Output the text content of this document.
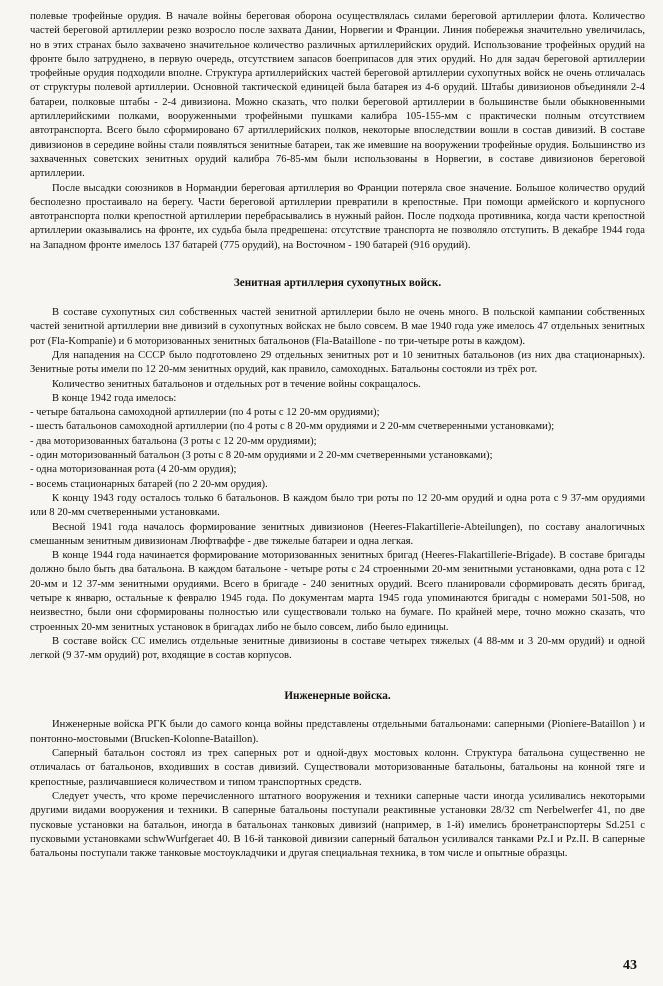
полевые трофейные орудия. В начале войны береговая оборона осуществлялась силами береговой артиллерии флота. Количество частей береговой артиллерии резко возросло после захвата Дании, Норвегии и Франции. Линия побережья значительно увеличилась, но в этих странах было захвачено значительное количество различных артиллерийских орудий. Использование трофейных орудий на фронте было затруднено, в первую очередь, отсутствием запасов боеприпасов для этих орудий. Но для задач береговой артиллерии трофейные орудия подходили вполне. Структура артиллерийских частей береговой артиллерии сухопутных войск не очень отличалась от структуры полевой артиллерии. Основной тактической единицей была батарея из 4-6 орудий. Штабы дивизионов объединяли 2-4 батареи, полковые штабы - 2-4 дивизиона. Можно сказать, что полки береговой артиллерии в большинстве были обыкновенными артиллерийскими полками, вооруженными трофейными пушками калибра 105-155-мм с практически полным отсутствием автотранспорта. Всего было сформировано 67 артиллерийских полков, некоторые впоследствии вошли в состав дивизий. В составе дивизионов в середине войны стали появляться зенитные батареи, так же имевшие на вооружении трофейные орудия. Большинство из захваченных советских зенитных орудий калибра 76-85-мм были использованы в Норвегии, в составе дивизионов береговой артиллерии.

После высадки союзников в Нормандии береговая артиллерия во Франции потеряла свое значение. Большое количество орудий бесполезно простаивало на берегу. Части береговой артиллерии превратили в крепостные. При помощи армейского и корпусного автотранспорта полки крепостной артиллерии перебрасывались в нужный район. После подхода противника, когда части крепостной артиллерии оказывались на фронте, их судьба была предрешена: отсутствие транспорта не позволяло отступить. В декабре 1944 года на Западном фронте имелось 137 батарей (775 орудий), на Восточном - 190 батарей (916 орудий).

Зенитная артиллерия сухопутных войск.

В составе сухопутных сил собственных частей зенитной артиллерии было не очень много. В польской кампании собственных частей зенитной артиллерии вне дивизий в сухопутных войсках не было совсем. В мае 1940 года уже имелось 47 отдельных зенитных рот (Fla-Kompanie) и 6 моторизованных зенитных батальонов (Fla-Bataillone - по три-четыре роты в каждом).

Для нападения на СССР было подготовлено 29 отдельных зенитных рот и 10 зенитных батальонов (из них два стационарных). Зенитные роты имели по 12 20-мм зенитных орудий, как правило, самоходных. Батальоны состояли из трёх рот.

Количество зенитных батальонов и отдельных рот в течение войны сокращалось.

В конце 1942 года имелось:

- четыре батальона самоходной артиллерии (по 4 роты с 12 20-мм орудиями);

- шесть батальонов самоходной артиллерии (по 4 роты с 8 20-мм орудиями и 2 20-мм счетверенными установками);

- два моторизованных батальона (3 роты с 12 20-мм орудиями);

- один моторизованный батальон (3 роты с 8 20-мм орудиями и 2 20-мм счетверенными установками);

- одна моторизованная рота (4 20-мм орудия);

- восемь стационарных батарей (по 2 20-мм орудия).

К концу 1943 году осталось только 6 батальонов. В каждом было три роты по 12 20-мм орудий и одна рота с 9 37-мм орудиями или 8 20-мм счетверенными установками.

Весной 1941 года началось формирование зенитных дивизионов (Heeres-Flakartillerie-Abteilungen), по составу аналогичных смешанным зенитным дивизионам Люфтваффе - две тяжелые батареи и одна легкая.

В конце 1944 года начинается формирование моторизованных зенитных бригад (Heeres-Flakartillerie-Brigade). В составе бригады должно было быть два батальона. В каждом батальоне - четыре роты с 24 строенными 20-мм зенитными установками, одна рота с 12 20-мм и 12 37-мм зенитными орудиями. Всего в бригаде - 240 зенитных орудий. Всего планировали сформировать десять бригад, четыре к январю, остальные к февралю 1945 года. По документам марта 1945 года упоминаются бригады с номерами 501-508, но неизвестно, были они сформированы полностью или существовали только на бумаге. По крайней мере, точно можно сказать, что строенных 20-мм зенитных установок в бригадах либо не было совсем, либо было единицы.

В составе войск СС имелись отдельные зенитные дивизионы в составе четырех тяжелых (4 88-мм и 3 20-мм орудий) и одной легкой (9 37-мм орудий) рот, входящие в состав корпусов.

Инженерные войска.

Инженерные войска РГК были до самого конца войны представлены отдельными батальонами: саперными (Pioniere-Bataillon ) и понтонно-мостовыми (Brucken-Kolonne-Bataillon).

Саперный батальон состоял из трех саперных рот и одной-двух мостовых колонн. Структура батальона существенно не отличалась от батальонов, входивших в состав дивизий. Существовали моторизованные батальоны, батальоны на конной тяге и крепостные, различавшиеся количеством и типом транспортных средств.

Следует учесть, что кроме перечисленного штатного вооружения и техники саперные части иногда усиливались некоторыми другими видами вооружения и техники. В саперные батальоны поступали реактивные установки 28/32 cm Nerbelwerfer 41, по две пусковые установки на батальон, иногда в батальонах танковых дивизий (например, в 1-й) имелись бронетранспортеры Sd.251 с пусковыми установками schwWurfgeraet 40. В 16-й танковой дивизии саперный батальон усиливался танками Pz.I и Pz.II. В саперные батальоны поступали также танковые мостоукладчики и другая специальная техника, в том числе и опытные образцы.

43
